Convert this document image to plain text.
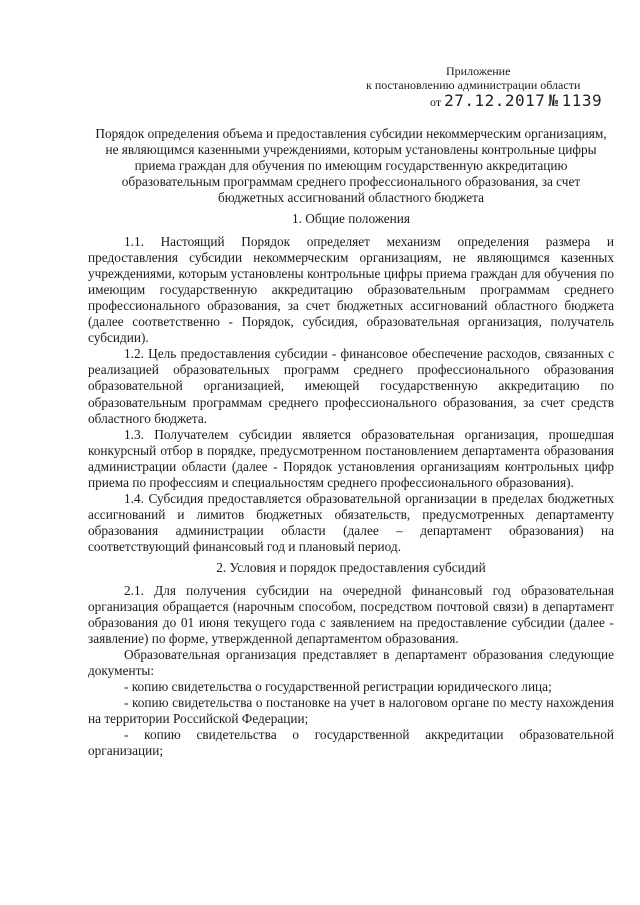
Приложение
к постановлению администрации области
от 27.12.2017 № 1139

Порядок определения объема и предоставления субсидии некоммерческим организациям, не являющимся казенными учреждениями, которым установлены контрольные цифры приема граждан для обучения по имеющим государственную аккредитацию образовательным программам среднего профессионального образования, за счет бюджетных ассигнований областного бюджета

1. Общие положения

1.1. Настоящий Порядок определяет механизм определения размера и предоставления субсидии некоммерческим организациям, не являющимся казенных учреждениями, которым установлены контрольные цифры приема граждан для обучения по имеющим государственную аккредитацию образовательным программам среднего профессионального образования, за счет бюджетных ассигнований областного бюджета (далее соответственно - Порядок, субсидия, образовательная организация, получатель субсидии).

1.2. Цель предоставления субсидии - финансовое обеспечение расходов, связанных с реализацией образовательных программ среднего профессионального образования образовательной организацией, имеющей государственную аккредитацию по образовательным программам среднего профессионального образования, за счет средств областного бюджета.

1.3. Получателем субсидии является образовательная организация, прошедшая конкурсный отбор в порядке, предусмотренном постановлением департамента образования администрации области (далее - Порядок установления организациям контрольных цифр приема по профессиям и специальностям среднего профессионального образования).

1.4. Субсидия предоставляется образовательной организации в пределах бюджетных ассигнований и лимитов бюджетных обязательств, предусмотренных департаменту образования администрации области (далее – департамент образования) на соответствующий финансовый год и плановый период.

2. Условия и порядок предоставления субсидий

2.1. Для получения субсидии на очередной финансовый год образовательная организация обращается (нарочным способом, посредством почтовой связи) в департамент образования до 01 июня текущего года с заявлением на предоставление субсидии (далее - заявление) по форме, утвержденной департаментом образования.

Образовательная организация представляет в департамент образования следующие документы:

- копию свидетельства о государственной регистрации юридического лица;

- копию свидетельства о постановке на учет в налоговом органе по месту нахождения на территории Российской Федерации;

- копию свидетельства о государственной аккредитации образовательной организации;
